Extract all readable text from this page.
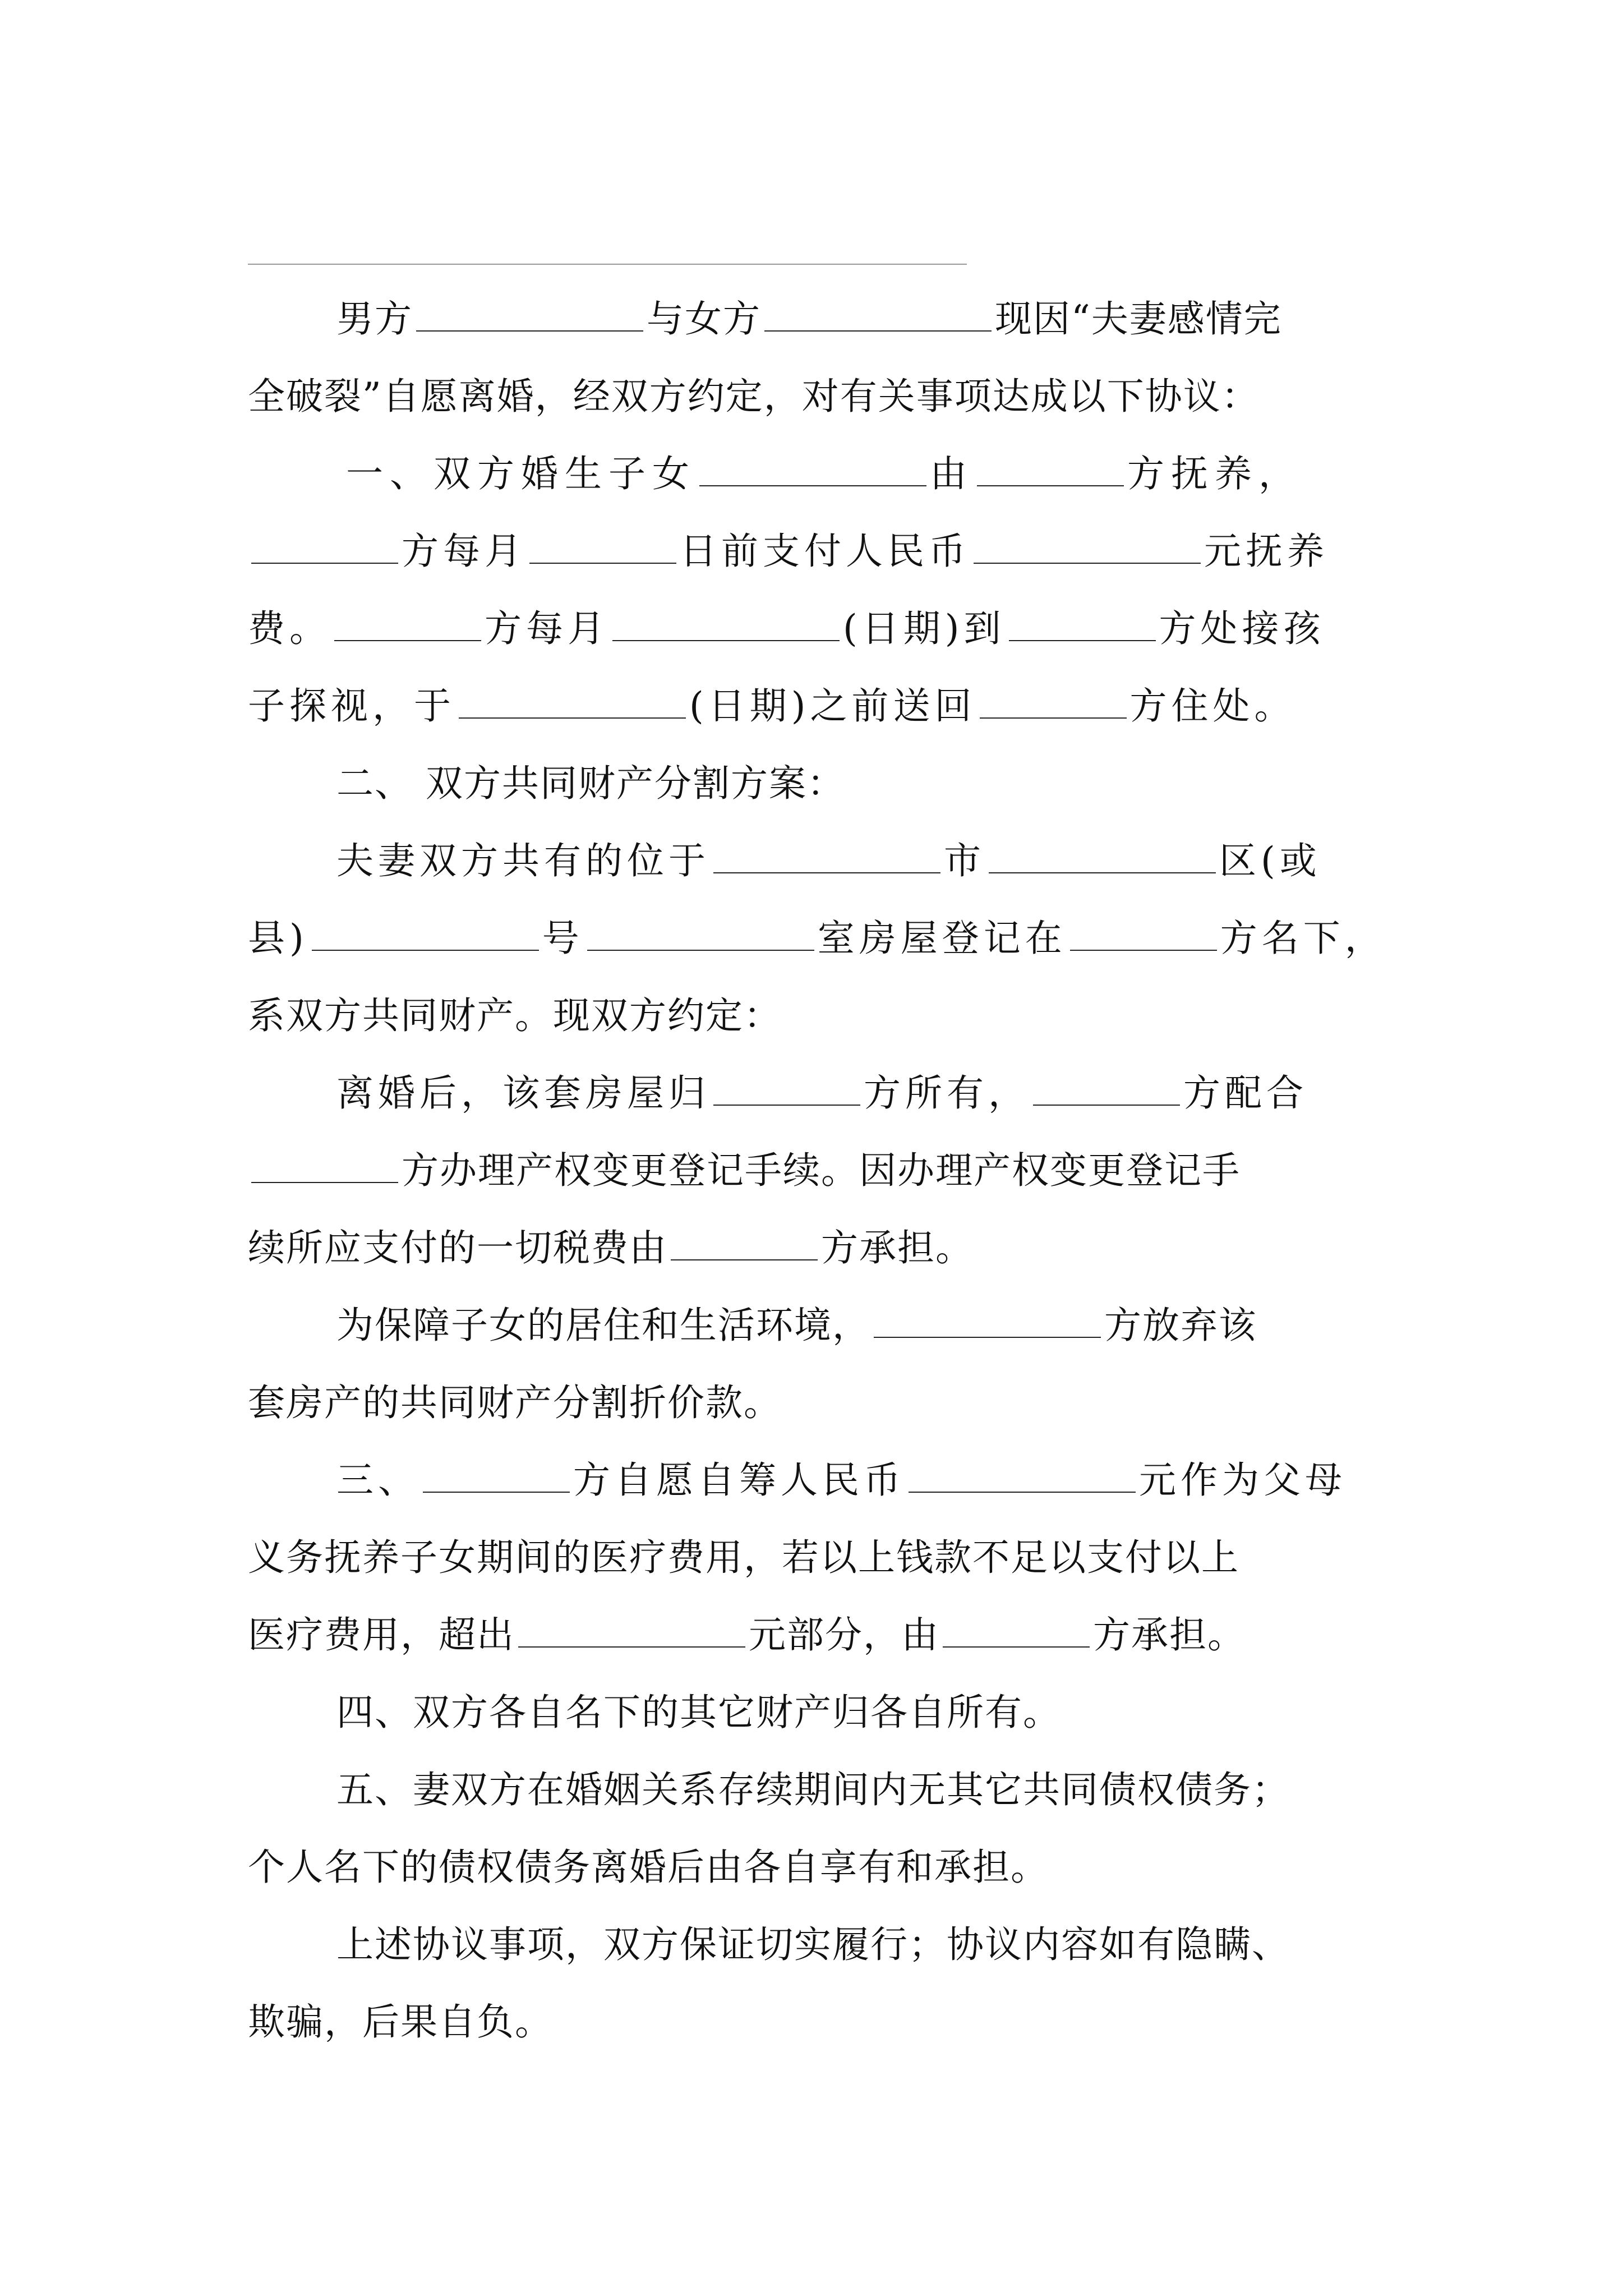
男方	与女方	现因“夫妻感情完
全破裂”自愿离婚，经双方约定，对有关事项达成以下协议：
一、双方婚生子女	由	方抚养，
方每月	日前支付人民币	元抚养
费。	方每月	(日期)到	方处接孩
子探视，于	(日期)之前送回	方住处。
二、 双方共同财产分割方案：
夫妻双方共有的位于	市	区(或
县)	号	室房屋登记在	方名下，
系双方共同财产。现双方约定：
离婚后，该套房屋归	方所有，	方配合
方办理产权变更登记手续。因办理产权变更登记手
续所应支付的一切税费由	方承担。
为保障子女的居住和生活环境，	方放弃该
套房产的共同财产分割折价款。
三、	方自愿自筹人民币	元作为父母
义务抚养子女期间的医疗费用，若以上钱款不足以支付以上
医疗费用，超出	元部分，由	方承担。
四、双方各自名下的其它财产归各自所有。
五、妻双方在婚姻关系存续期间内无其它共同债权债务；
个人名下的债权债务离婚后由各自享有和承担。
上述协议事项，双方保证切实履行；协议内容如有隐瞒、
欺骗，后果自负。
